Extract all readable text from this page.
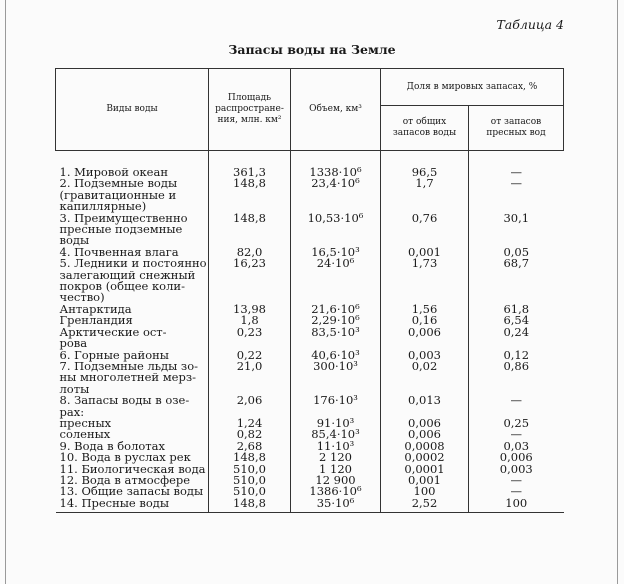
Таблица 4
Запасы воды на Земле
Виды воды	Площадь распростране-ния, млн. км²	Объем, км³	Доля в мировых запасах, %	
			от общих запасов воды	от запасов пресных вод
1. Мировой океан	361,3	1338·10⁶	96,5	—
2. Подземные воды
(гравитационные и
капиллярные)	148,8	23,4·10⁶	1,7	—
3. Преимущественно
пресные подземные
воды	148,8	10,53·10⁶	0,76	30,1
4. Почвенная влага	82,0	16,5·10³	0,001	0,05
5. Ледники и постоянно
залегающий снежный
покров (общее коли-
чество)	16,23	24·10⁶	1,73	68,7
Антарктида	13,98	21,6·10⁶	1,56	61,8
Гренландия	1,8	2,29·10⁶	0,16	6,54
Арктические ост-
рова	0,23	83,5·10³	0,006	0,24
6. Горные районы	0,22	40,6·10³	0,003	0,12
7. Подземные льды зо-
ны многолетней мерз-
лоты	21,0	300·10³	0,02	0,86
8. Запасы воды в озе-
рах:	2,06	176·10³	0,013	—
пресных	1,24	91·10³	0,006	0,25
соленых	0,82	85,4·10³	0,006	—
9. Вода в болотах	2,68	11·10³	0,0008	0,03
10. Вода в руслах рек	148,8	2 120	0,0002	0,006
11. Биологическая вода	510,0	1 120	0,0001	0,003
12. Вода в атмосфере	510,0	12 900	0,001	—
13. Общие запасы воды	510,0	1386·10⁶	100	—
14. Пресные воды	148,8	35·10⁶	2,52	100
